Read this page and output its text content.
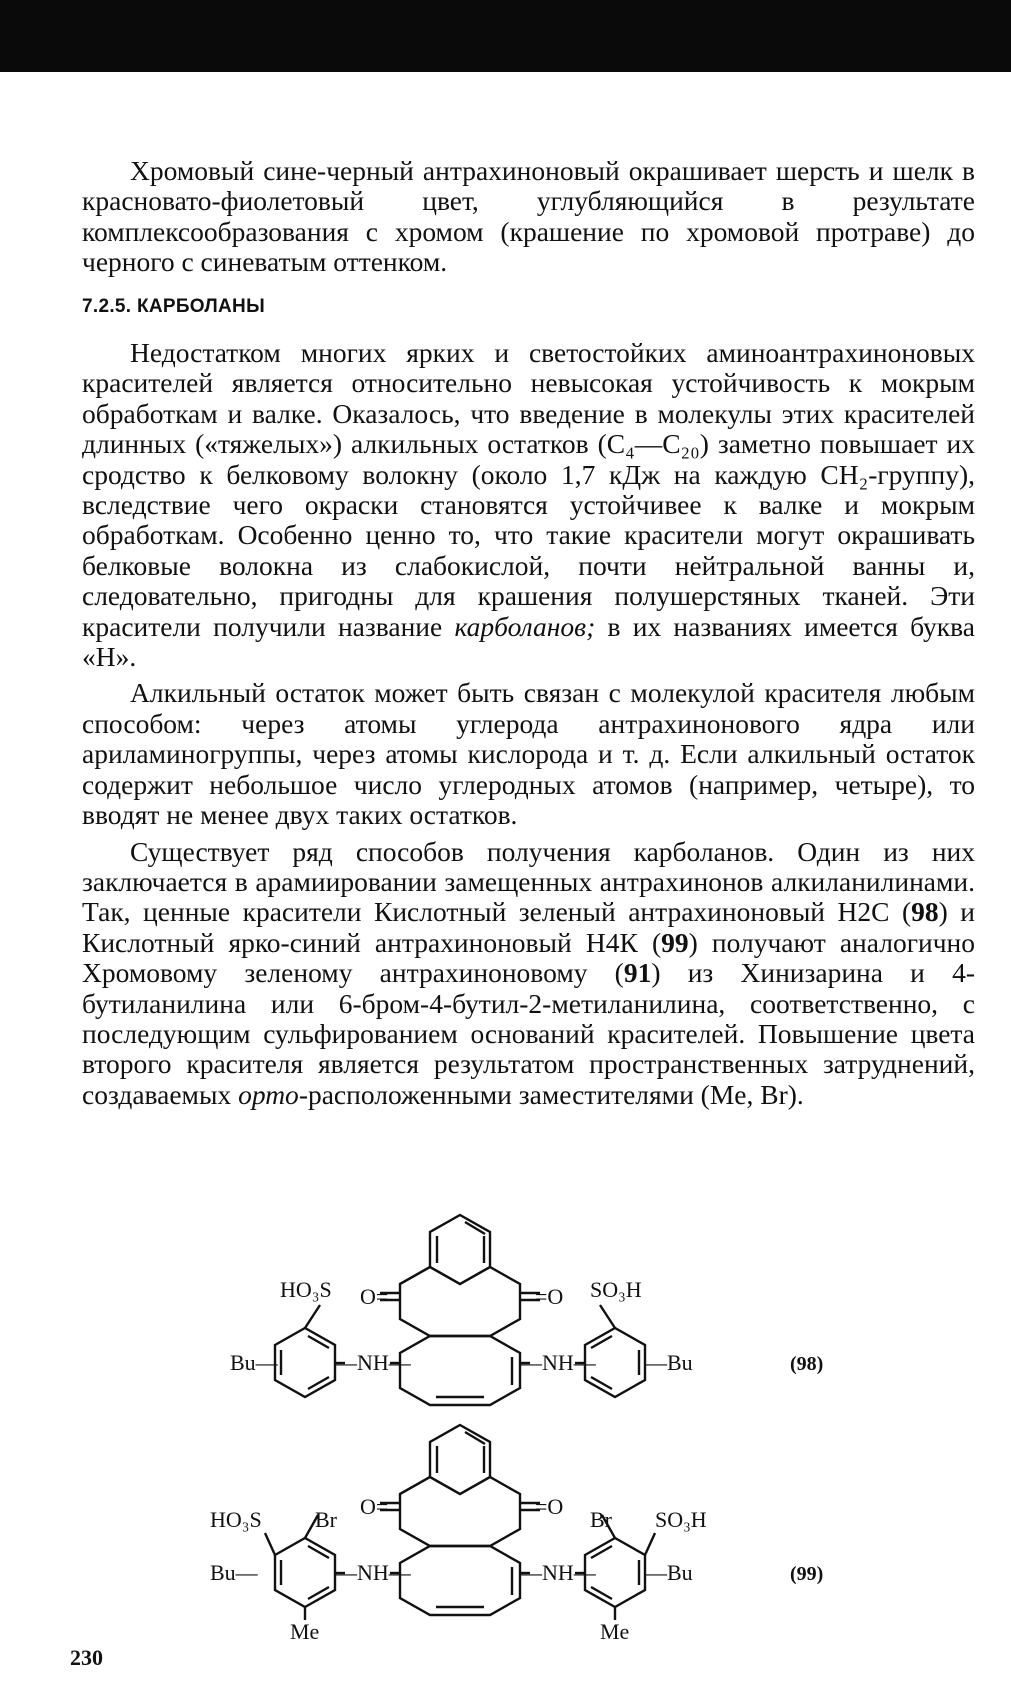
Хромовый сине-черный антрахиноновый окрашивает шерсть и шелк в красновато-фиолетовый цвет, углубляющийся в результате комплексообразования с хромом (крашение по хромовой протраве) до черного с синеватым оттенком.

7.2.5. КАРБОЛАНЫ

Недостатком многих ярких и светостойких аминоантрахиноновых красителей является относительно невысокая устойчивость к мокрым обработкам и валке. Оказалось, что введение в молекулы этих красителей длинных («тяжелых») алкильных остатков (C₄—C₂₀) заметно повышает их сродство к белковому волокну (около 1,7 кДж на каждую CH₂-группу), вследствие чего окраски становятся устойчивее к валке и мокрым обработкам. Особенно ценно то, что такие красители могут окрашивать белковые волокна из слабокислой, почти нейтральной ванны и, следовательно, пригодны для крашения полушерстяных тканей. Эти красители получили название карболанов; в их названиях имеется буква «Н».

Алкильный остаток может быть связан с молекулой красителя любым способом: через атомы углерода антрахинонового ядра или ариламиногруппы, через атомы кислорода и т. д. Если алкильный остаток содержит небольшое число углеродных атомов (например, четыре), то вводят не менее двух таких остатков.

Существует ряд способов получения карболанов. Один из них заключается в арамиировании замещенных антрахинонов алкиланилинами. Так, ценные красители Кислотный зеленый антрахиноновый Н2С (98) и Кислотный ярко-синий антрахиноновый Н4К (99) получают аналогично Хромовому зеленому антрахиноновому (91) из Хинизарина и 4-бутиланилина или 6-бром-4-бутил-2-метиланилина, соответственно, с последующим сульфированием оснований красителей. Повышение цвета второго красителя является результатом пространственных затруднений, создаваемых орто-расположенными заместителями (Me, Br).

HO₃S	SO₃H
O=	=O
—NH—	—NH—
Bu—	—Bu	(98)
HO₃S Br	Br SO₃H
O=	=O
—NH—	—NH—
Bu—	—Bu
Me	Me
(99)
230
